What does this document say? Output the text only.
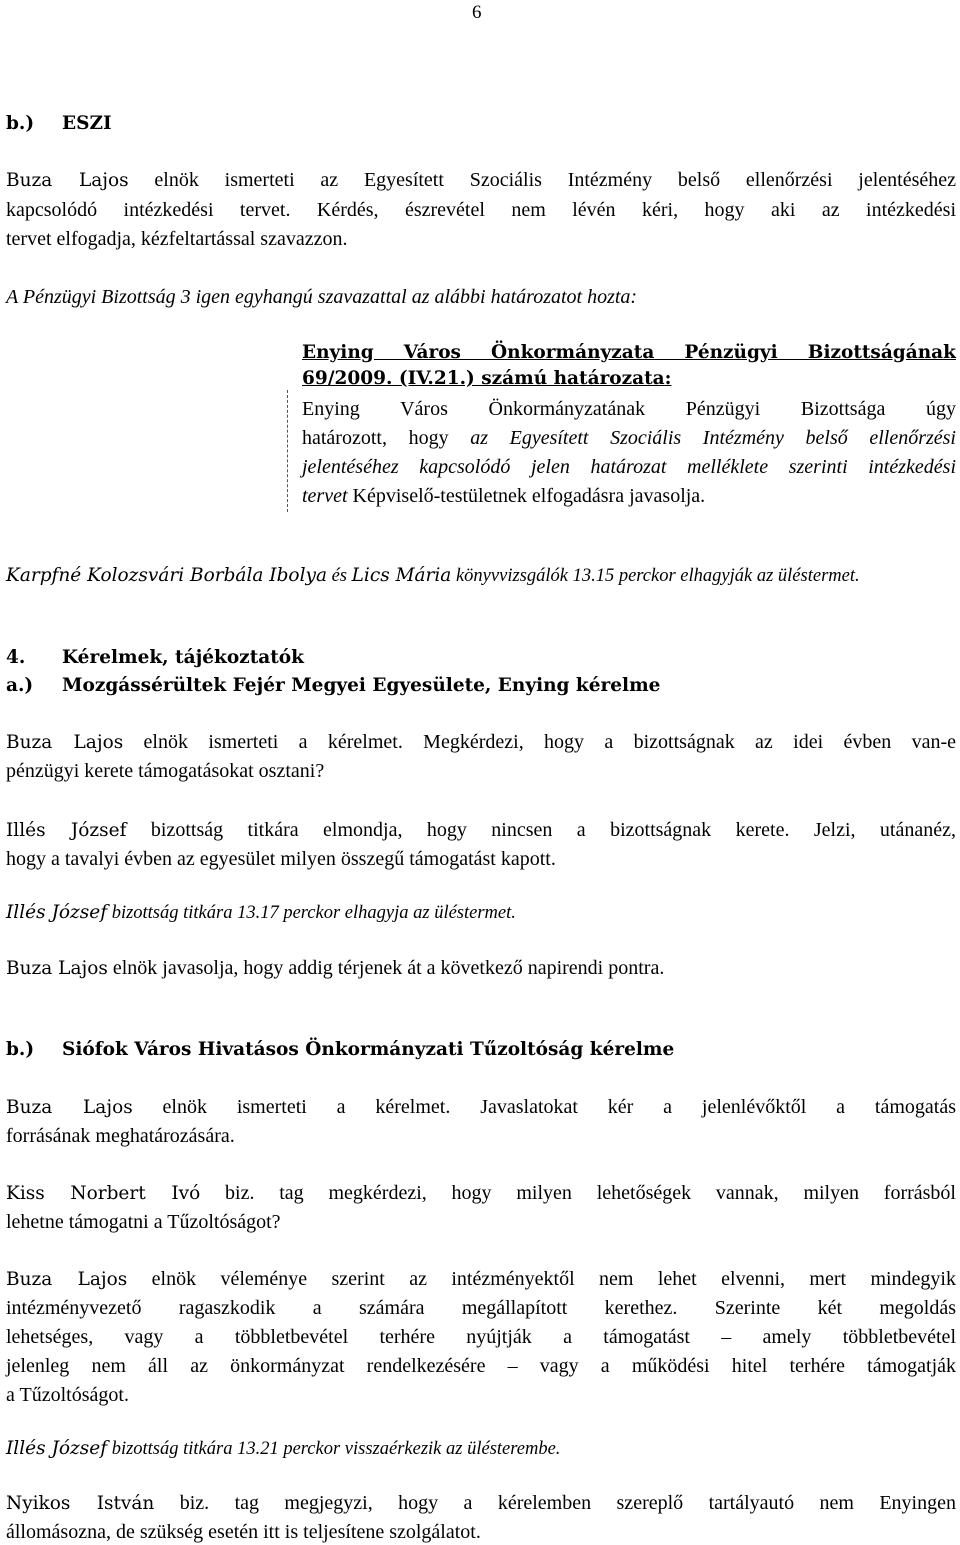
6
b.) ESZI
Buza Lajos elnök ismerteti az Egyesített Szociális Intézmény belső ellenőrzési jelentéséhez
kapcsolódó intézkedési tervet. Kérdés, észrevétel nem lévén kéri, hogy aki az intézkedési
tervet elfogadja, kézfeltartással szavazzon.
A Pénzügyi Bizottság 3 igen egyhangú szavazattal az alábbi határozatot hozta:
Enying Város Önkormányzata Pénzügyi Bizottságának
69/2009. (IV.21.) számú határozata:
Enying Város Önkormányzatának Pénzügyi Bizottsága úgy
határozott, hogy az Egyesített Szociális Intézmény belső ellenőrzési
jelentéséhez kapcsolódó jelen határozat melléklete szerinti intézkedési
tervet Képviselő-testületnek elfogadásra javasolja.
Karpfné Kolozsvári Borbála Ibolya és Lics Mária könyvvizsgálók 13.15 perckor elhagyják az üléstermet.
4. Kérelmek, tájékoztatók
a.) Mozgássérültek Fejér Megyei Egyesülete, Enying kérelme
Buza Lajos elnök ismerteti a kérelmet. Megkérdezi, hogy a bizottságnak az idei évben van-e
pénzügyi kerete támogatásokat osztani?
Illés József bizottság titkára elmondja, hogy nincsen a bizottságnak kerete. Jelzi, utánanéz,
hogy a tavalyi évben az egyesület milyen összegű támogatást kapott.
Illés József bizottság titkára 13.17 perckor elhagyja az üléstermet.
Buza Lajos elnök javasolja, hogy addig térjenek át a következő napirendi pontra.
b.) Siófok Város Hivatásos Önkormányzati Tűzoltóság kérelme
Buza Lajos elnök ismerteti a kérelmet. Javaslatokat kér a jelenlévőktől a támogatás
forrásának meghatározására.
Kiss Norbert Ivó biz. tag megkérdezi, hogy milyen lehetőségek vannak, milyen forrásból
lehetne támogatni a Tűzoltóságot?
Buza Lajos elnök véleménye szerint az intézményektől nem lehet elvenni, mert mindegyik
intézményvezető ragaszkodik a számára megállapított kerethez. Szerinte két megoldás
lehetséges, vagy a többletbevétel terhére nyújtják a támogatást – amely többletbevétel
jelenleg nem áll az önkormányzat rendelkezésére – vagy a működési hitel terhére támogatják
a Tűzoltóságot.
Illés József bizottság titkára 13.21 perckor visszaérkezik az ülésterembe.
Nyikos István biz. tag megjegyzi, hogy a kérelemben szereplő tartályautó nem Enyingen
állomásozna, de szükség esetén itt is teljesítene szolgálatot.
